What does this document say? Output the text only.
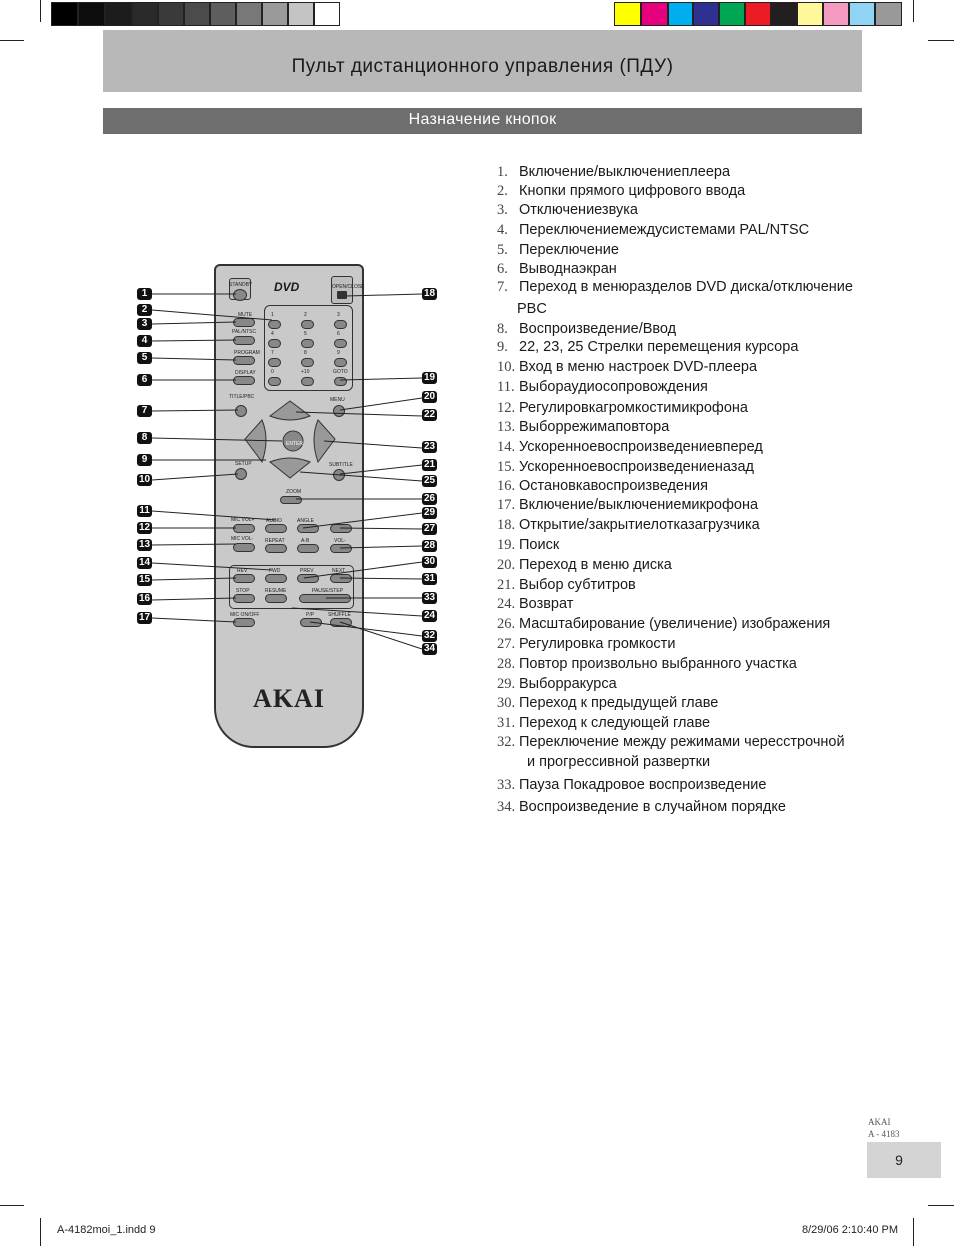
Пульт дистанционного управления (ПДУ)
Назначение кнопок
STANDBY DVD	OPEN/CLOSE
MUTE
PAL/NTSC
PROGRAM
DISPLAY
1	2	3
4	5	6
7	8	9
0	+10	GOTO
TITLE/PBC	MENU
ENTER
SETUP	SUBTITLE
ZOOM
MIC VOL+ AUDIO	ANGLE
MIC VOL- REPEAT	A-B	VOL-
REV	FWD	PREV	NEXT
STOP	RESUME	PAUSE/STEP
MIC ON/OFF	P/P	SHUFFLE
AKAI
1
2
3
4
5
6
7
8
9
10
11
12
13
14
15
16
17
18
19
20
22
23
21
25
26
29
27
28
30
31
33
24
32
34
1. Включение/выключениеплеера
2. Кнопки прямого цифрового ввода
3. Отключениезвука
4. Переключениемеждусистемами PAL/NTSC
5. Переключение
6. Выводнаэкран
7. Переход в менюразделов DVD диска/отключение
PBC
8. Воспроизведение/Ввод
9. 22, 23, 25 Стрелки перемещения курсора
10. Вход в меню настроек DVD-плеера
11. Выбораудиосопровождения
12. Регулировкагромкостимикрофона
13. Выборрежимаповтора
14. Ускоренноевоспроизведениевперед
15. Ускоренноевоспроизведениеназад
16. Остановкавоспроизведения
17. Включение/выключениемикрофона
18. Открытие/закрытиелотказагрузчика
19. Поиск
20. Переход в меню диска
21. Выбор субтитров
24. Возврат
26. Масштабирование (увеличение) изображения
27. Регулировка громкости
28. Повтор произвольно выбранного участка
29. Выборракурса
30. Переход к предыдущей главе
31. Переход к следующей главе
32. Переключение между режимами чересстрочной
и прогрессивной развертки
33. Пауза Покадровое воспроизведение
34. Воспроизведение в случайном порядке
AKAI
A - 4183
9
A-4182moi_1.indd 9	8/29/06 2:10:40 PM
